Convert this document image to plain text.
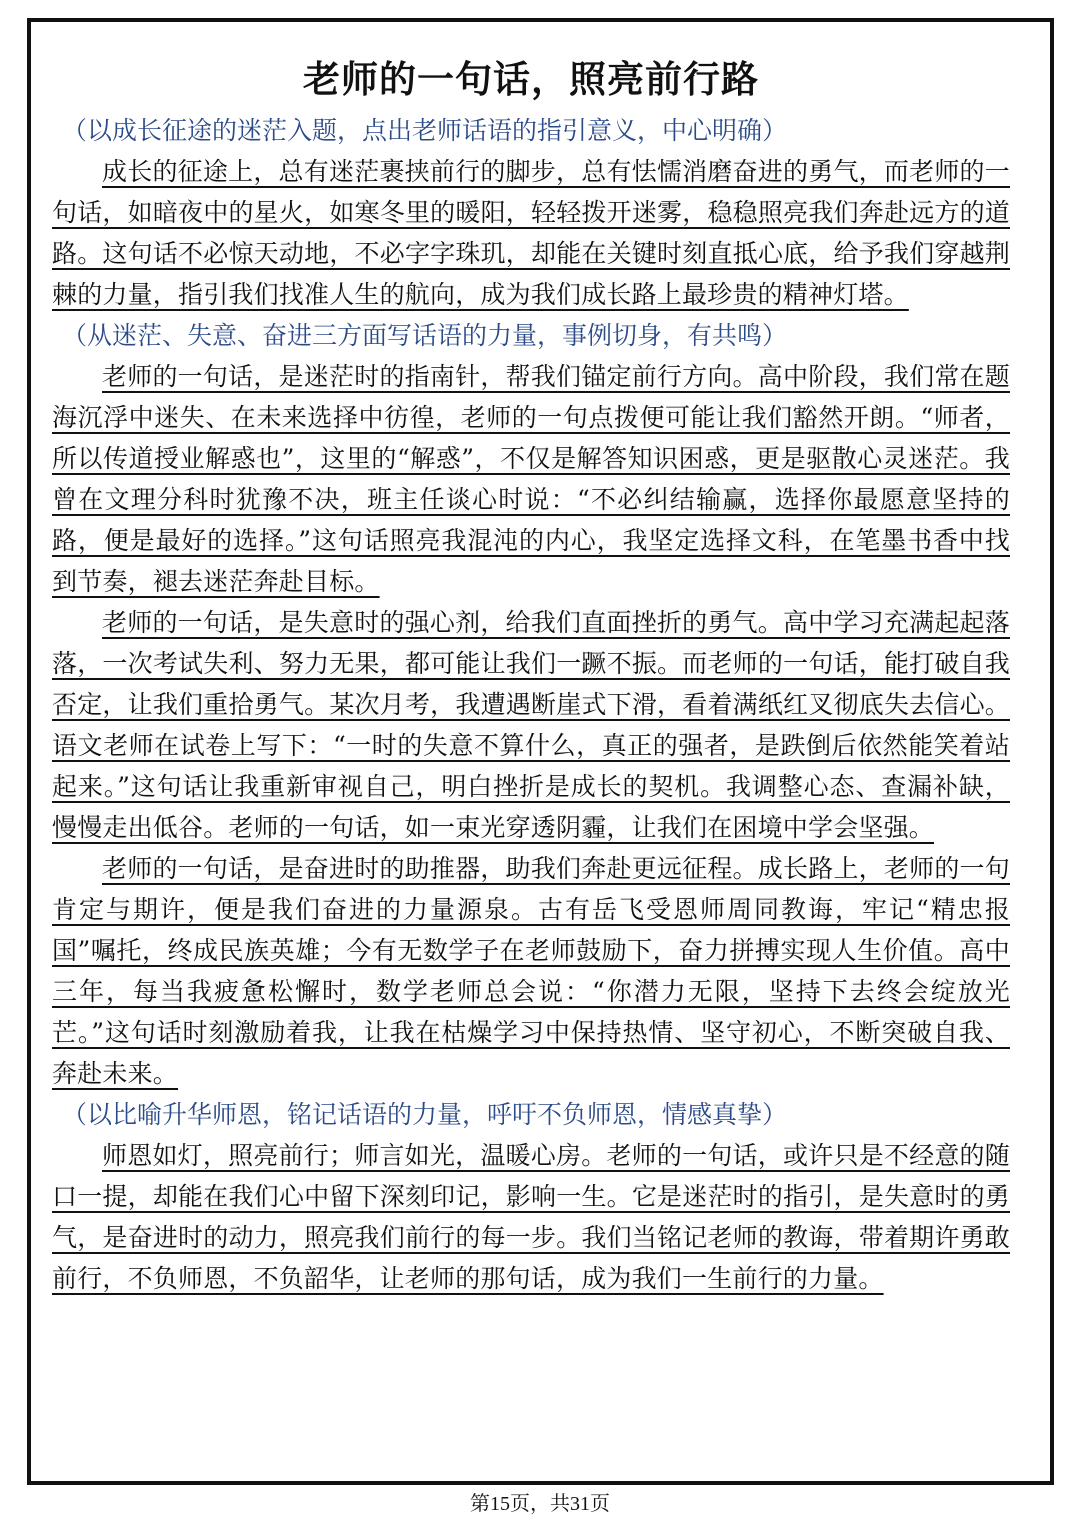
老师的一句话，照亮前行路

（以成长征途的迷茫入题，点出老师话语的指引意义，中心明确）

成长的征途上，总有迷茫裹挟前行的脚步，总有怯懦消磨奋进的勇气，而老师的一句话，如暗夜中的星火，如寒冬里的暖阳，轻轻拨开迷雾，稳稳照亮我们奔赴远方的道路。这句话不必惊天动地，不必字字珠玑，却能在关键时刻直抵心底，给予我们穿越荆棘的力量，指引我们找准人生的航向，成为我们成长路上最珍贵的精神灯塔。

（从迷茫、失意、奋进三方面写话语的力量，事例切身，有共鸣）

老师的一句话，是迷茫时的指南针，帮我们锚定前行方向。高中阶段，我们常在题海沉浮中迷失、在未来选择中彷徨，老师的一句点拨便可能让我们豁然开朗。“师者，所以传道授业解惑也”，这里的“解惑”，不仅是解答知识困惑，更是驱散心灵迷茫。我曾在文理分科时犹豫不决，班主任谈心时说：“不必纠结输赢，选择你最愿意坚持的路，便是最好的选择。”这句话照亮我混沌的内心，我坚定选择文科，在笔墨书香中找到节奏，褪去迷茫奔赴目标。

老师的一句话，是失意时的强心剂，给我们直面挫折的勇气。高中学习充满起起落落，一次考试失利、努力无果，都可能让我们一蹶不振。而老师的一句话，能打破自我否定，让我们重拾勇气。某次月考，我遭遇断崖式下滑，看着满纸红叉彻底失去信心。语文老师在试卷上写下：“一时的失意不算什么，真正的强者，是跌倒后依然能笑着站起来。”这句话让我重新审视自己，明白挫折是成长的契机。我调整心态、查漏补缺，慢慢走出低谷。老师的一句话，如一束光穿透阴霾，让我们在困境中学会坚强。

老师的一句话，是奋进时的助推器，助我们奔赴更远征程。成长路上，老师的一句肯定与期许，便是我们奋进的力量源泉。古有岳飞受恩师周同教诲，牢记“精忠报国”嘱托，终成民族英雄；今有无数学子在老师鼓励下，奋力拼搏实现人生价值。高中三年，每当我疲惫松懈时，数学老师总会说：“你潜力无限，坚持下去终会绽放光芒。”这句话时刻激励着我，让我在枯燥学习中保持热情、坚守初心，不断突破自我、奔赴未来。

（以比喻升华师恩，铭记话语的力量，呼吁不负师恩，情感真挚）

师恩如灯，照亮前行；师言如光，温暖心房。老师的一句话，或许只是不经意的随口一提，却能在我们心中留下深刻印记，影响一生。它是迷茫时的指引，是失意时的勇气，是奋进时的动力，照亮我们前行的每一步。我们当铭记老师的教诲，带着期许勇敢前行，不负师恩，不负韶华，让老师的那句话，成为我们一生前行的力量。

第15页，共31页
